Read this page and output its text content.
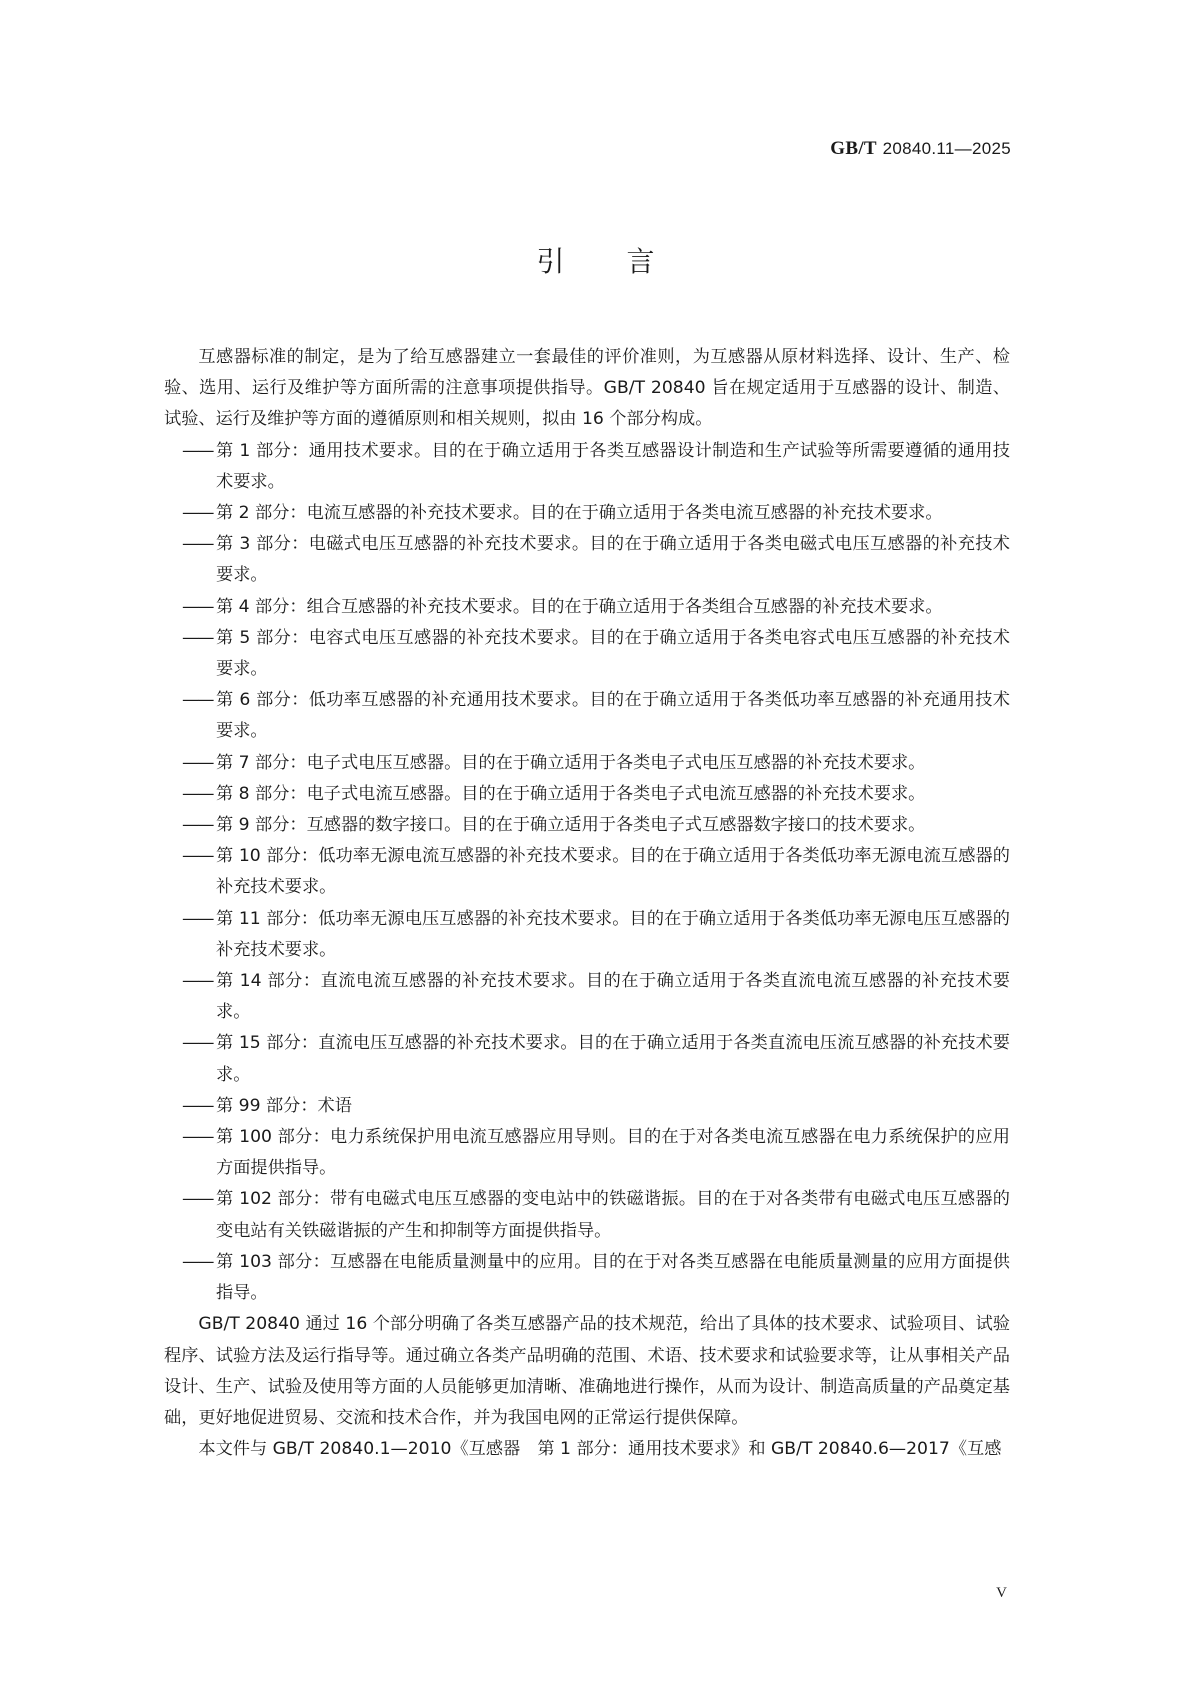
GB/T 20840.11—2025
引言

互感器标准的制定，是为了给互感器建立一套最佳的评价准则，为互感器从原材料选择、设计、生产、检验、选用、运行及维护等方面所需的注意事项提供指导。GB/T 20840 旨在规定适用于互感器的设计、制造、试验、运行及维护等方面的遵循原则和相关规则，拟由 16 个部分构成。

—— 第 1 部分：通用技术要求。目的在于确立适用于各类互感器设计制造和生产试验等所需要遵循的通用技术要求。

—— 第 2 部分：电流互感器的补充技术要求。目的在于确立适用于各类电流互感器的补充技术要求。

—— 第 3 部分：电磁式电压互感器的补充技术要求。目的在于确立适用于各类电磁式电压互感器的补充技术要求。

—— 第 4 部分：组合互感器的补充技术要求。目的在于确立适用于各类组合互感器的补充技术要求。

—— 第 5 部分：电容式电压互感器的补充技术要求。目的在于确立适用于各类电容式电压互感器的补充技术要求。

—— 第 6 部分：低功率互感器的补充通用技术要求。目的在于确立适用于各类低功率互感器的补充通用技术要求。

—— 第 7 部分：电子式电压互感器。目的在于确立适用于各类电子式电压互感器的补充技术要求。

—— 第 8 部分：电子式电流互感器。目的在于确立适用于各类电子式电流互感器的补充技术要求。

—— 第 9 部分：互感器的数字接口。目的在于确立适用于各类电子式互感器数字接口的技术要求。

—— 第 10 部分：低功率无源电流互感器的补充技术要求。目的在于确立适用于各类低功率无源电流互感器的补充技术要求。

—— 第 11 部分：低功率无源电压互感器的补充技术要求。目的在于确立适用于各类低功率无源电压互感器的补充技术要求。

—— 第 14 部分：直流电流互感器的补充技术要求。目的在于确立适用于各类直流电流互感器的补充技术要求。

—— 第 15 部分：直流电压互感器的补充技术要求。目的在于确立适用于各类直流电压流互感器的补充技术要求。

—— 第 99 部分：术语

—— 第 100 部分：电力系统保护用电流互感器应用导则。目的在于对各类电流互感器在电力系统保护的应用方面提供指导。

—— 第 102 部分：带有电磁式电压互感器的变电站中的铁磁谐振。目的在于对各类带有电磁式电压互感器的变电站有关铁磁谐振的产生和抑制等方面提供指导。

—— 第 103 部分：互感器在电能质量测量中的应用。目的在于对各类互感器在电能质量测量的应用方面提供指导。

GB/T 20840 通过 16 个部分明确了各类互感器产品的技术规范，给出了具体的技术要求、试验项目、试验程序、试验方法及运行指导等。通过确立各类产品明确的范围、术语、技术要求和试验要求等，让从事相关产品设计、生产、试验及使用等方面的人员能够更加清晰、准确地进行操作，从而为设计、制造高质量的产品奠定基础，更好地促进贸易、交流和技术合作，并为我国电网的正常运行提供保障。

本文件与 GB/T 20840.1—2010《互感器　第 1 部分：通用技术要求》和 GB/T 20840.6—2017《互感

V
